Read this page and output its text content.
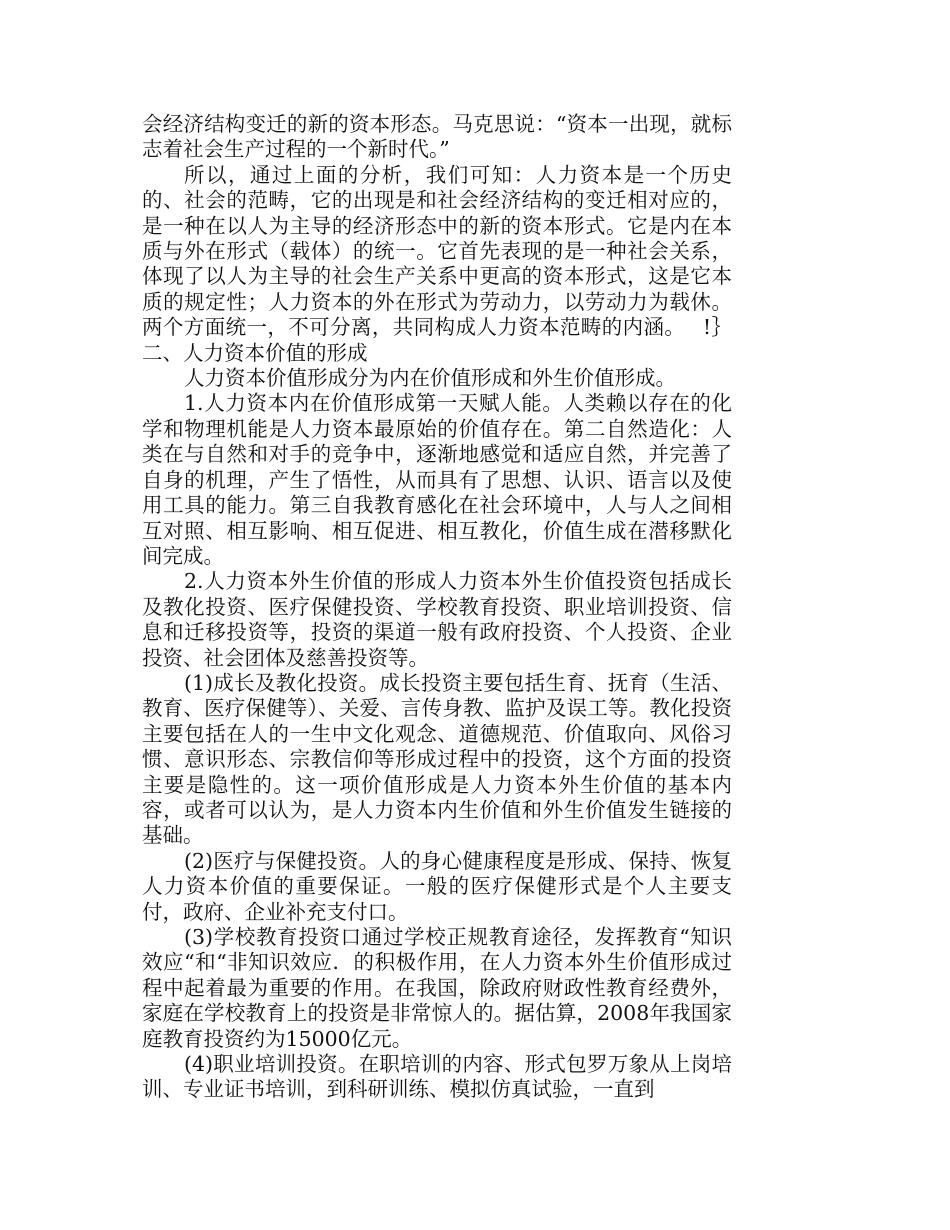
会经济结构变迁的新的资本形态。马克思说：“资本一出现，就标志着社会生产过程的一个新时代。”

所以，通过上面的分析，我们可知：人力资本是一个历史的、社会的范畴，它的出现是和社会经济结构的变迁相对应的，是一种在以人为主导的经济形态中的新的资本形式。它是内在本质与外在形式（载体）的统一。它首先表现的是一种社会关系，体现了以人为主导的社会生产关系中更高的资本形式，这是它本质的规定性；人力资本的外在形式为劳动力，以劳动力为载休。两个方面统一，不可分离，共同构成人力资本范畴的内涵。　 !｝二、人力资本价值的形成

人力资本价值形成分为内在价值形成和外生价值形成。

1.人力资本内在价值形成第一天赋人能。人类赖以存在的化学和物理机能是人力资本最原始的价值存在。第二自然造化：人类在与自然和对手的竞争中，逐渐地感觉和适应自然，并完善了自身的机理，产生了悟性，从而具有了思想、认识、语言以及使用工具的能力。第三自我教育感化在社会环境中，人与人之间相互对照、相互影响、相互促进、相互教化，价值生成在潜移默化间完成。

2.人力资本外生价值的形成人力资本外生价值投资包括成长及教化投资、医疗保健投资、学校教育投资、职业培训投资、信息和迁移投资等，投资的渠道一般有政府投资、个人投资、企业投资、社会团体及慈善投资等。

(1)成长及教化投资。成长投资主要包括生育、抚育（生活、教育、医疗保健等）、关爱、言传身教、监护及误工等。教化投资主要包括在人的一生中文化观念、道德规范、价值取向、风俗习惯、意识形态、宗教信仰等形成过程中的投资，这个方面的投资主要是隐性的。这一项价值形成是人力资本外生价值的基本内容，或者可以认为，是人力资本内生价值和外生价值发生链接的基础。

(2)医疗与保健投资。人的身心健康程度是形成、保持、恢复人力资本价值的重要保证。一般的医疗保健形式是个人主要支付，政府、企业补充支付口。

(3)学校教育投资口通过学校正规教育途径，发挥教育“知识效应“和“非知识效应．的积极作用，在人力资本外生价值形成过程中起着最为重要的作用。在我国，除政府财政性教育经费外，家庭在学校教育上的投资是非常惊人的。据估算，2008年我国家庭教育投资约为15000亿元。

(4)职业培训投资。在职培训的内容、形式包罗万象从上岗培训、专业证书培训，到科研训练、模拟仿真试验，一直到
